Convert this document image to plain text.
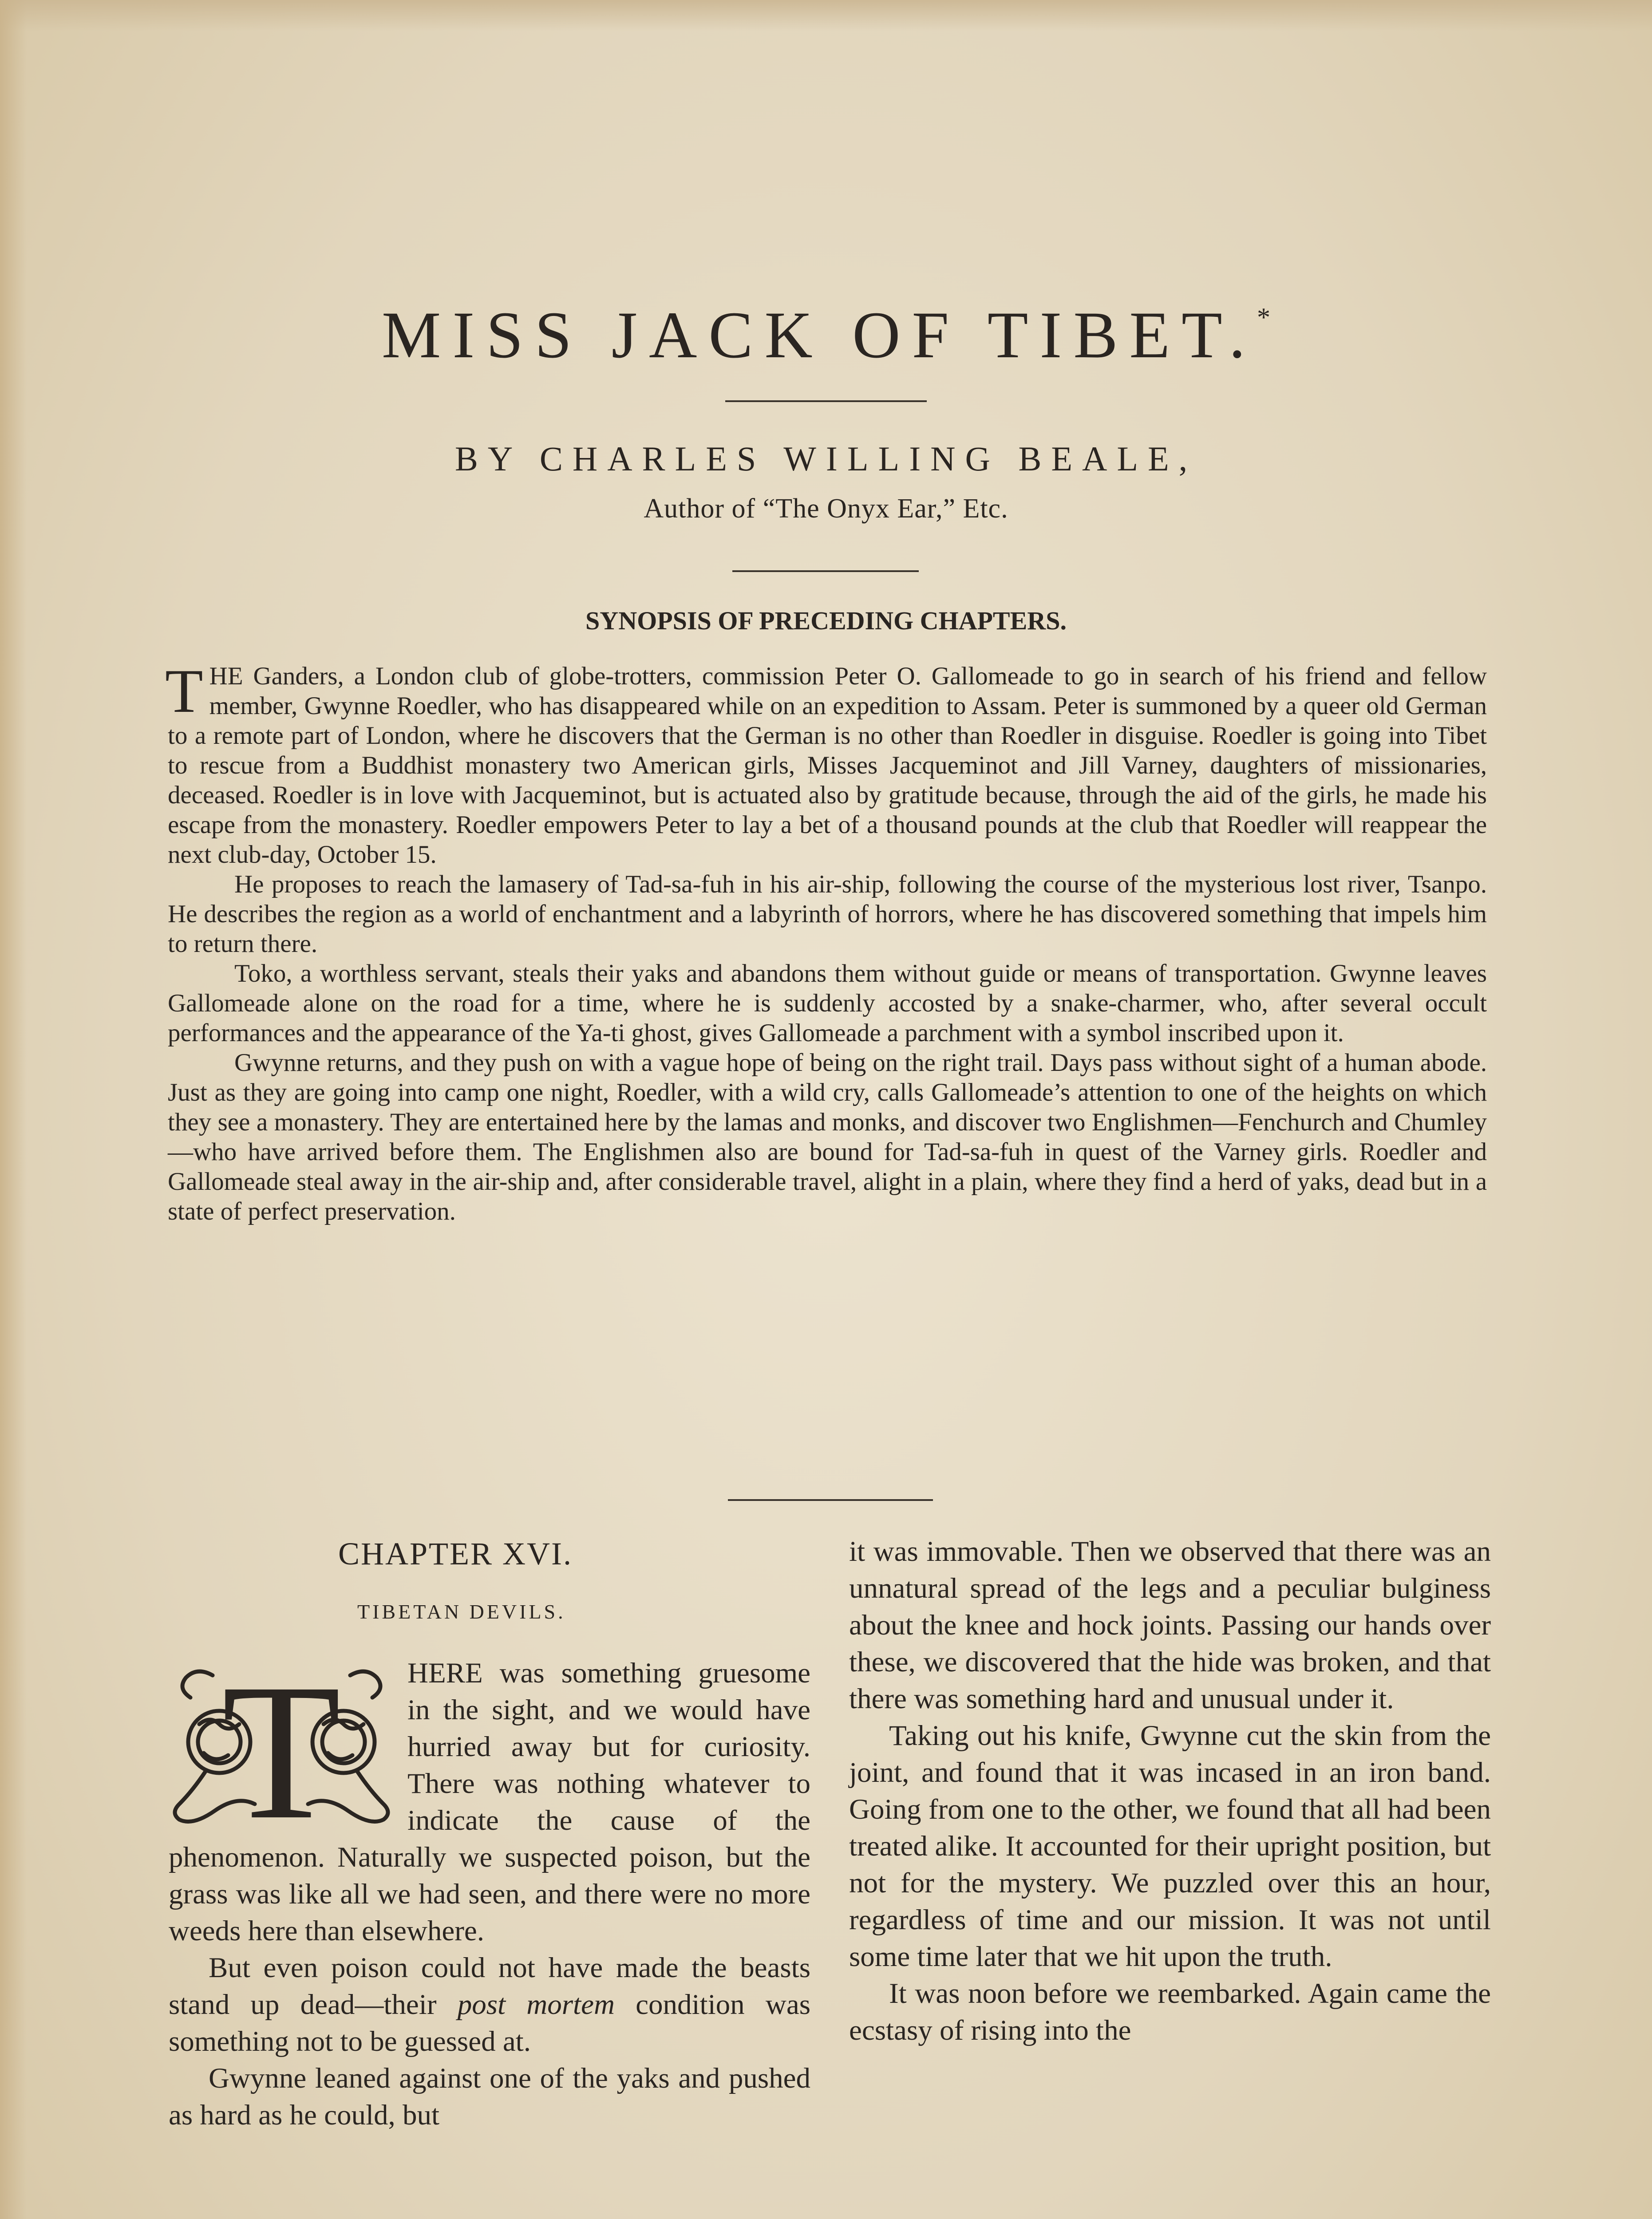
MISS JACK OF TIBET.*
BY CHARLES WILLING BEALE,
Author of “The Onyx Ear,” Etc.
SYNOPSIS OF PRECEDING CHAPTERS.

THE Ganders, a London club of globe-trotters, commission Peter O. Gallomeade to go in search of his friend and fellow member, Gwynne Roedler, who has disappeared while on an expedition to Assam. Peter is summoned by a queer old German to a remote part of London, where he discovers that the German is no other than Roedler in disguise. Roedler is going into Tibet to rescue from a Buddhist monastery two American girls, Misses Jacqueminot and Jill Varney, daughters of missionaries, deceased. Roedler is in love with Jacqueminot, but is actuated also by gratitude because, through the aid of the girls, he made his escape from the monastery. Roedler empowers Peter to lay a bet of a thousand pounds at the club that Roedler will reappear the next club-day, October 15.

He proposes to reach the lamasery of Tad-sa-fuh in his air-ship, following the course of the mysterious lost river, Tsanpo. He describes the region as a world of enchantment and a labyrinth of horrors, where he has discovered something that impels him to return there.

Toko, a worthless servant, steals their yaks and abandons them without guide or means of transportation. Gwynne leaves Gallomeade alone on the road for a time, where he is suddenly accosted by a snake-charmer, who, after several occult performances and the appearance of the Ya-ti ghost, gives Gallomeade a parchment with a symbol inscribed upon it.

Gwynne returns, and they push on with a vague hope of being on the right trail. Days pass without sight of a human abode. Just as they are going into camp one night, Roedler, with a wild cry, calls Gallomeade’s attention to one of the heights on which they see a monastery. They are entertained here by the lamas and monks, and discover two Englishmen—Fenchurch and Chumley—who have arrived before them. The Englishmen also are bound for Tad-sa-fuh in quest of the Varney girls. Roedler and Gallomeade steal away in the air-ship and, after considerable travel, alight in a plain, where they find a herd of yaks, dead but in a state of perfect preservation.

CHAPTER XVI.
TIBETAN DEVILS.

T HERE was something gruesome in the sight, and we would have hurried away but for curiosity. There was nothing whatever to indicate the cause of the phenomenon. Naturally we suspected poison, but the grass was like all we had seen, and there were no more weeds here than elsewhere.

But even poison could not have made the beasts stand up dead—their post mortem condition was something not to be guessed at.

Gwynne leaned against one of the yaks and pushed as hard as he could, but

it was immovable. Then we observed that there was an unnatural spread of the legs and a peculiar bulginess about the knee and hock joints. Passing our hands over these, we discovered that the hide was broken, and that there was something hard and unusual under it.

Taking out his knife, Gwynne cut the skin from the joint, and found that it was incased in an iron band. Going from one to the other, we found that all had been treated alike. It accounted for their upright position, but not for the mystery. We puzzled over this an hour, regardless of time and our mission. It was not until some time later that we hit upon the truth.

It was noon before we reembarked. Again came the ecstasy of rising into the
